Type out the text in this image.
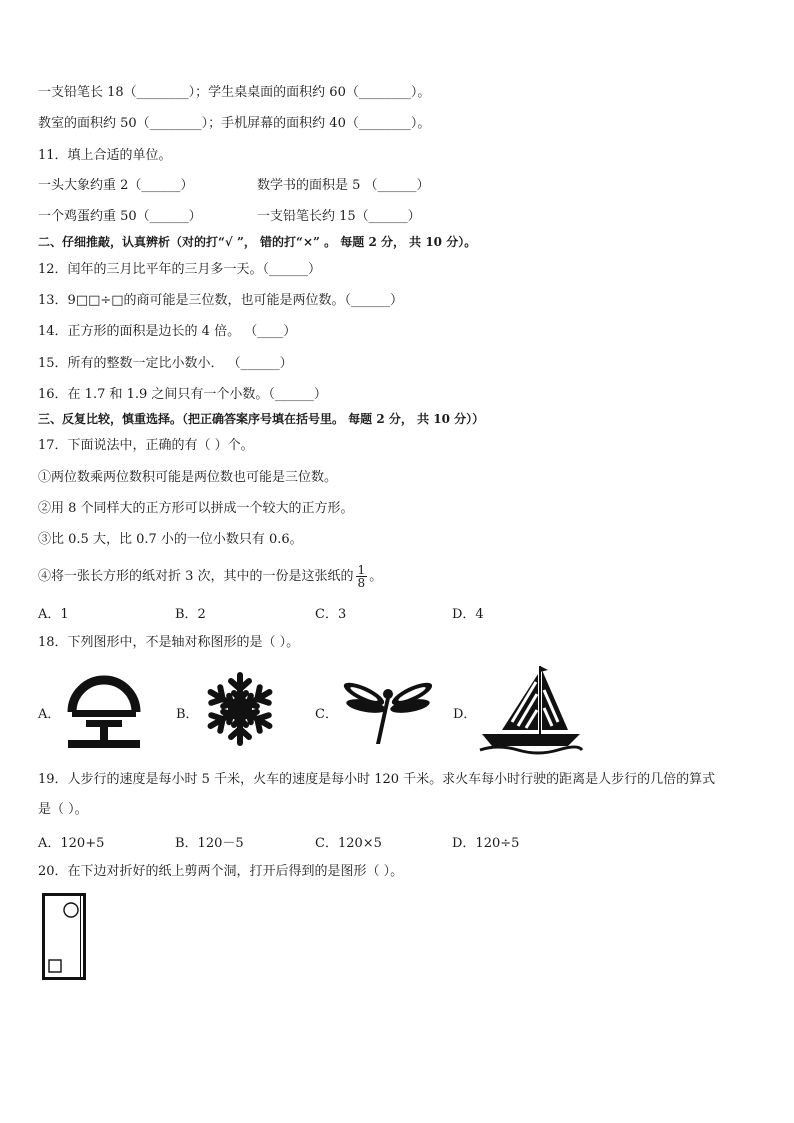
一支铅笔长 18（________）；学生桌桌面的面积约 60（________）。
教室的面积约 50（________）；手机屏幕的面积约 40（________）。
11．填上合适的单位。
一头大象约重 2（______）	数学书的面积是 5 （______）
一个鸡蛋约重 50（______）	一支铅笔长约 15（______）
二、仔细推敲，认真辨析（对的打“√ ”， 错的打“×” 。 每题 2 分， 共 10 分）。
12．闰年的三月比平年的三月多一天。（______）
13．9□□÷□的商可能是三位数，也可能是两位数。（______）
14．正方形的面积是边长的 4 倍。 （____）
15．所有的整数一定比小数小． （______）
16．在 1.7 和 1.9 之间只有一个小数。（______）
三、反复比较，慎重选择。（把正确答案序号填在括号里。 每题 2 分， 共 10 分））
17．下面说法中，正确的有（ ）个。
①两位数乘两位数积可能是两位数也可能是三位数。
②用 8 个同样大的正方形可以拼成一个较大的正方形。
③比 0.5 大，比 0.7 小的一位小数只有 0.6。
④将一张长方形的纸对折 3 次，其中的一份是这张纸的 $\frac{1}{8}$ 。
A．1	B．2	C．3	D．4
18．下列图形中，不是轴对称图形的是（ ）。
A．	B．	C．	D．
19．人步行的速度是每小时 5 千米，火车的速度是每小时 120 千米。求火车每小时行驶的距离是人步行的几倍的算式
是（ ）。
A．120+5	B．120－5	C．120×5	D．120÷5
20．在下边对折好的纸上剪两个洞，打开后得到的是图形（ ）。
